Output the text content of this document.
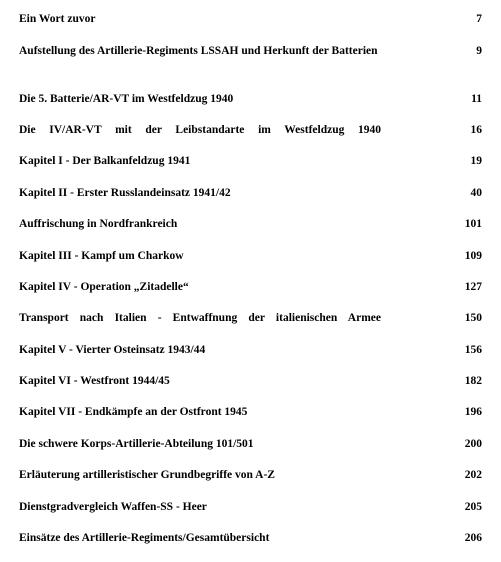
Ein Wort zuvor	7
Aufstellung des Artillerie-Regiments LSSAH und Herkunft der Batterien	9
Die 5. Batterie/AR-VT im Westfeldzug 1940	11
Die IV/AR-VT mit der Leibstandarte im Westfeldzug 1940	16
Kapitel I - Der Balkanfeldzug 1941	19
Kapitel II - Erster Russlandeinsatz 1941/42	40
Auffrischung in Nordfrankreich	101
Kapitel III - Kampf um Charkow	109
Kapitel IV - Operation „Zitadelle“	127
Transport nach Italien - Entwaffnung der italienischen Armee	150
Kapitel V - Vierter Osteinsatz 1943/44	156
Kapitel VI - Westfront 1944/45	182
Kapitel VII - Endkämpfe an der Ostfront 1945	196
Die schwere Korps-Artillerie-Abteilung 101/501	200
Erläuterung artilleristischer Grundbegriffe von A-Z	202
Dienstgradvergleich Waffen-SS - Heer	205
Einsätze des Artillerie-Regiments/Gesamtübersicht	206
